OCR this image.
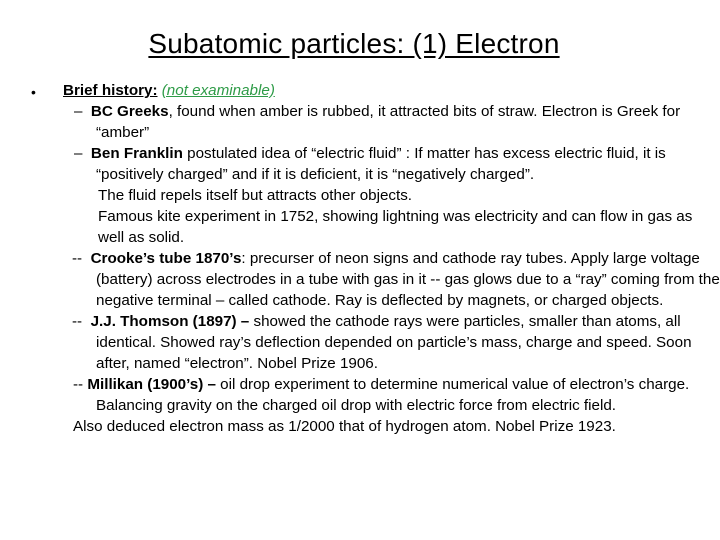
Subatomic particles: (1) Electron
•	Brief history: (not examinable)
– BC Greeks, found when amber is rubbed, it attracted bits of straw. Electron is Greek for “amber”
– Ben Franklin postulated idea of “electric fluid” : If matter has excess electric fluid, it is “positively charged” and if it is deficient, it is “negatively charged”.
The fluid repels itself but attracts other objects.
Famous kite experiment in 1752, showing lightning was electricity and can flow in gas as well as solid.
-- Crooke’s tube 1870’s: precurser of neon signs and cathode ray tubes. Apply large voltage (battery) across electrodes in a tube with gas in it -- gas glows due to a “ray” coming from the negative terminal – called cathode. Ray is deflected by magnets, or charged objects.
-- J.J. Thomson (1897) – showed the cathode rays were particles, smaller than atoms, all identical. Showed ray’s deflection depended on particle’s mass, charge and speed. Soon after, named “electron”. Nobel Prize 1906.
-- Millikan (1900’s) – oil drop experiment to determine numerical value of electron’s charge. Balancing gravity on the charged oil drop with electric force from electric field.
Also deduced electron mass as 1/2000 that of hydrogen atom. Nobel Prize 1923.
